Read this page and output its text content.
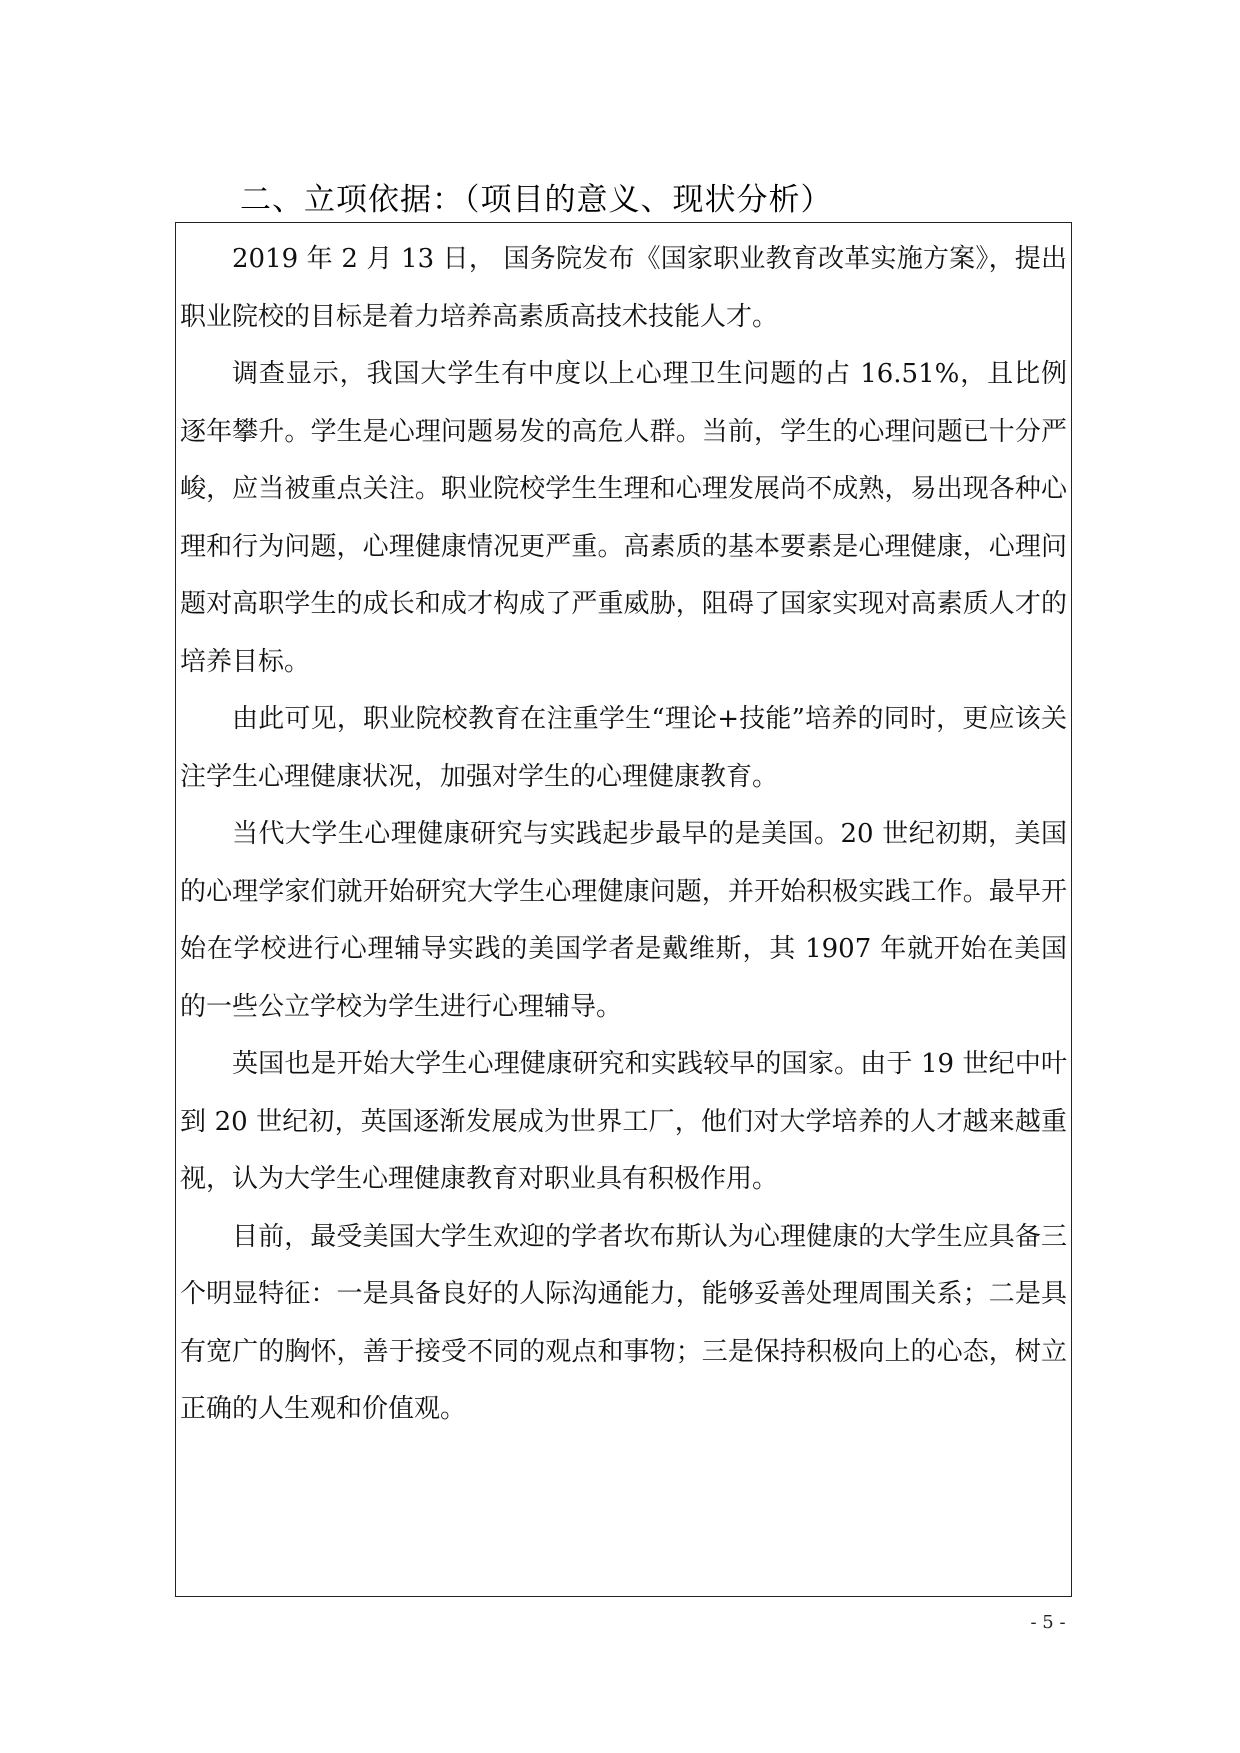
二、立项依据：（项目的意义、现状分析）

2019 年 2 月 13 日， 国务院发布《国家职业教育改革实施方案》，提出职业院校的目标是着力培养高素质高技术技能人才。

调查显示，我国大学生有中度以上心理卫生问题的占 16.51%，且比例逐年攀升。学生是心理问题易发的高危人群。当前，学生的心理问题已十分严峻，应当被重点关注。职业院校学生生理和心理发展尚不成熟，易出现各种心理和行为问题，心理健康情况更严重。高素质的基本要素是心理健康，心理问题对高职学生的成长和成才构成了严重威胁，阻碍了国家实现对高素质人才的培养目标。

由此可见，职业院校教育在注重学生“理论+技能”培养的同时，更应该关注学生心理健康状况，加强对学生的心理健康教育。

当代大学生心理健康研究与实践起步最早的是美国。20 世纪初期，美国的心理学家们就开始研究大学生心理健康问题，并开始积极实践工作。最早开始在学校进行心理辅导实践的美国学者是戴维斯，其 1907 年就开始在美国的一些公立学校为学生进行心理辅导。

英国也是开始大学生心理健康研究和实践较早的国家。由于 19 世纪中叶到 20 世纪初，英国逐渐发展成为世界工厂，他们对大学培养的人才越来越重视，认为大学生心理健康教育对职业具有积极作用。

目前，最受美国大学生欢迎的学者坎布斯认为心理健康的大学生应具备三个明显特征：一是具备良好的人际沟通能力，能够妥善处理周围关系；二是具有宽广的胸怀，善于接受不同的观点和事物；三是保持积极向上的心态，树立正确的人生观和价值观。

- 5 -
